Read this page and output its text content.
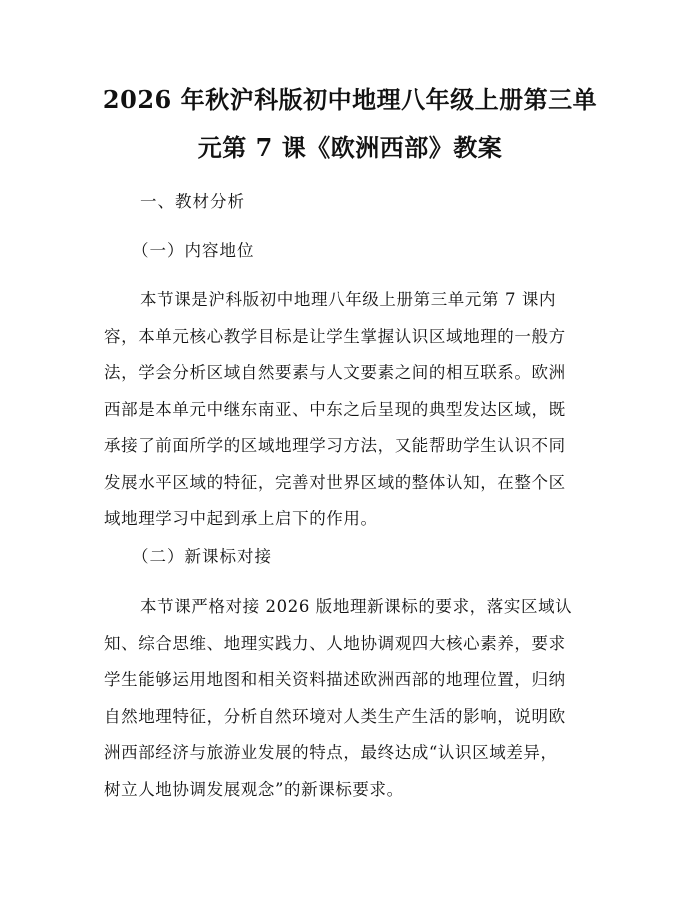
2026 年秋沪科版初中地理八年级上册第三单
元第 7 课《欧洲西部》教案
一、教材分析
（一）内容地位
本节课是沪科版初中地理八年级上册第三单元第 7 课内
容，本单元核心教学目标是让学生掌握认识区域地理的一般方
法，学会分析区域自然要素与人文要素之间的相互联系。欧洲
西部是本单元中继东南亚、中东之后呈现的典型发达区域，既
承接了前面所学的区域地理学习方法，又能帮助学生认识不同
发展水平区域的特征，完善对世界区域的整体认知，在整个区
域地理学习中起到承上启下的作用。
（二）新课标对接
本节课严格对接 2026 版地理新课标的要求，落实区域认
知、综合思维、地理实践力、人地协调观四大核心素养，要求
学生能够运用地图和相关资料描述欧洲西部的地理位置，归纳
自然地理特征，分析自然环境对人类生产生活的影响，说明欧
洲西部经济与旅游业发展的特点，最终达成“认识区域差异，
树立人地协调发展观念”的新课标要求。
